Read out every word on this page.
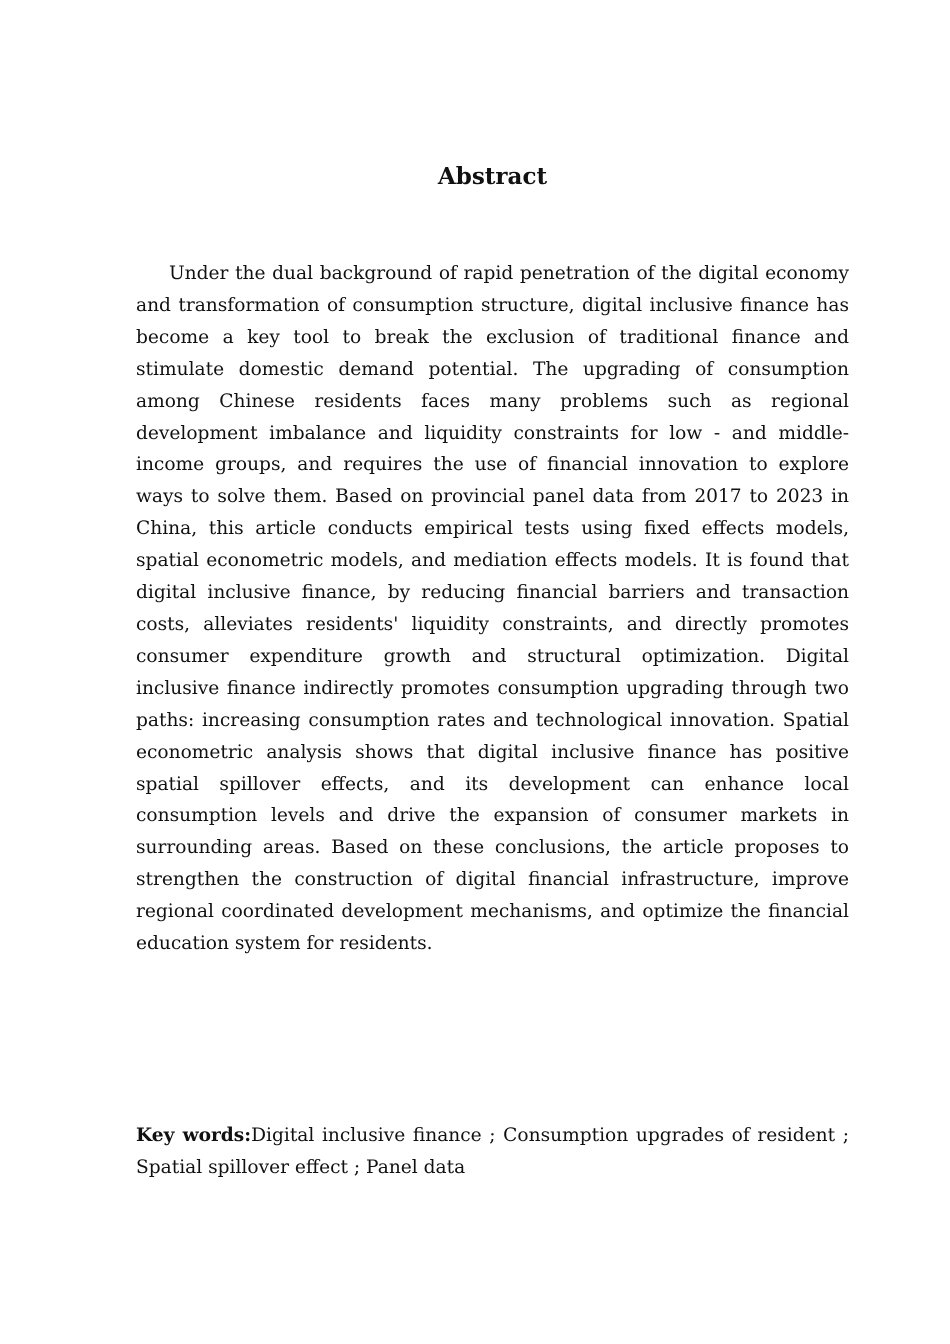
Abstract

Under the dual background of rapid penetration of the digital economy and transformation of consumption structure, digital inclusive finance has become a key tool to break the exclusion of traditional finance and stimulate domestic demand potential. The upgrading of consumption among Chinese residents faces many problems such as regional development imbalance and liquidity constraints for low - and middle-income groups, and requires the use of financial innovation to explore ways to solve them. Based on provincial panel data from 2017 to 2023 in China, this article conducts empirical tests using fixed effects models, spatial econometric models, and mediation effects models. It is found that digital inclusive finance, by reducing financial barriers and transaction costs, alleviates residents' liquidity constraints, and directly promotes consumer expenditure growth and structural optimization. Digital inclusive finance indirectly promotes consumption upgrading through two paths: increasing consumption rates and technological innovation. Spatial econometric analysis shows that digital inclusive finance has positive spatial spillover effects, and its development can enhance local consumption levels and drive the expansion of consumer markets in surrounding areas. Based on these conclusions, the article proposes to strengthen the construction of digital financial infrastructure, improve regional coordinated development mechanisms, and optimize the financial education system for residents.

Key words:Digital inclusive finance ; Consumption upgrades of resident ; Spatial spillover effect ; Panel data
